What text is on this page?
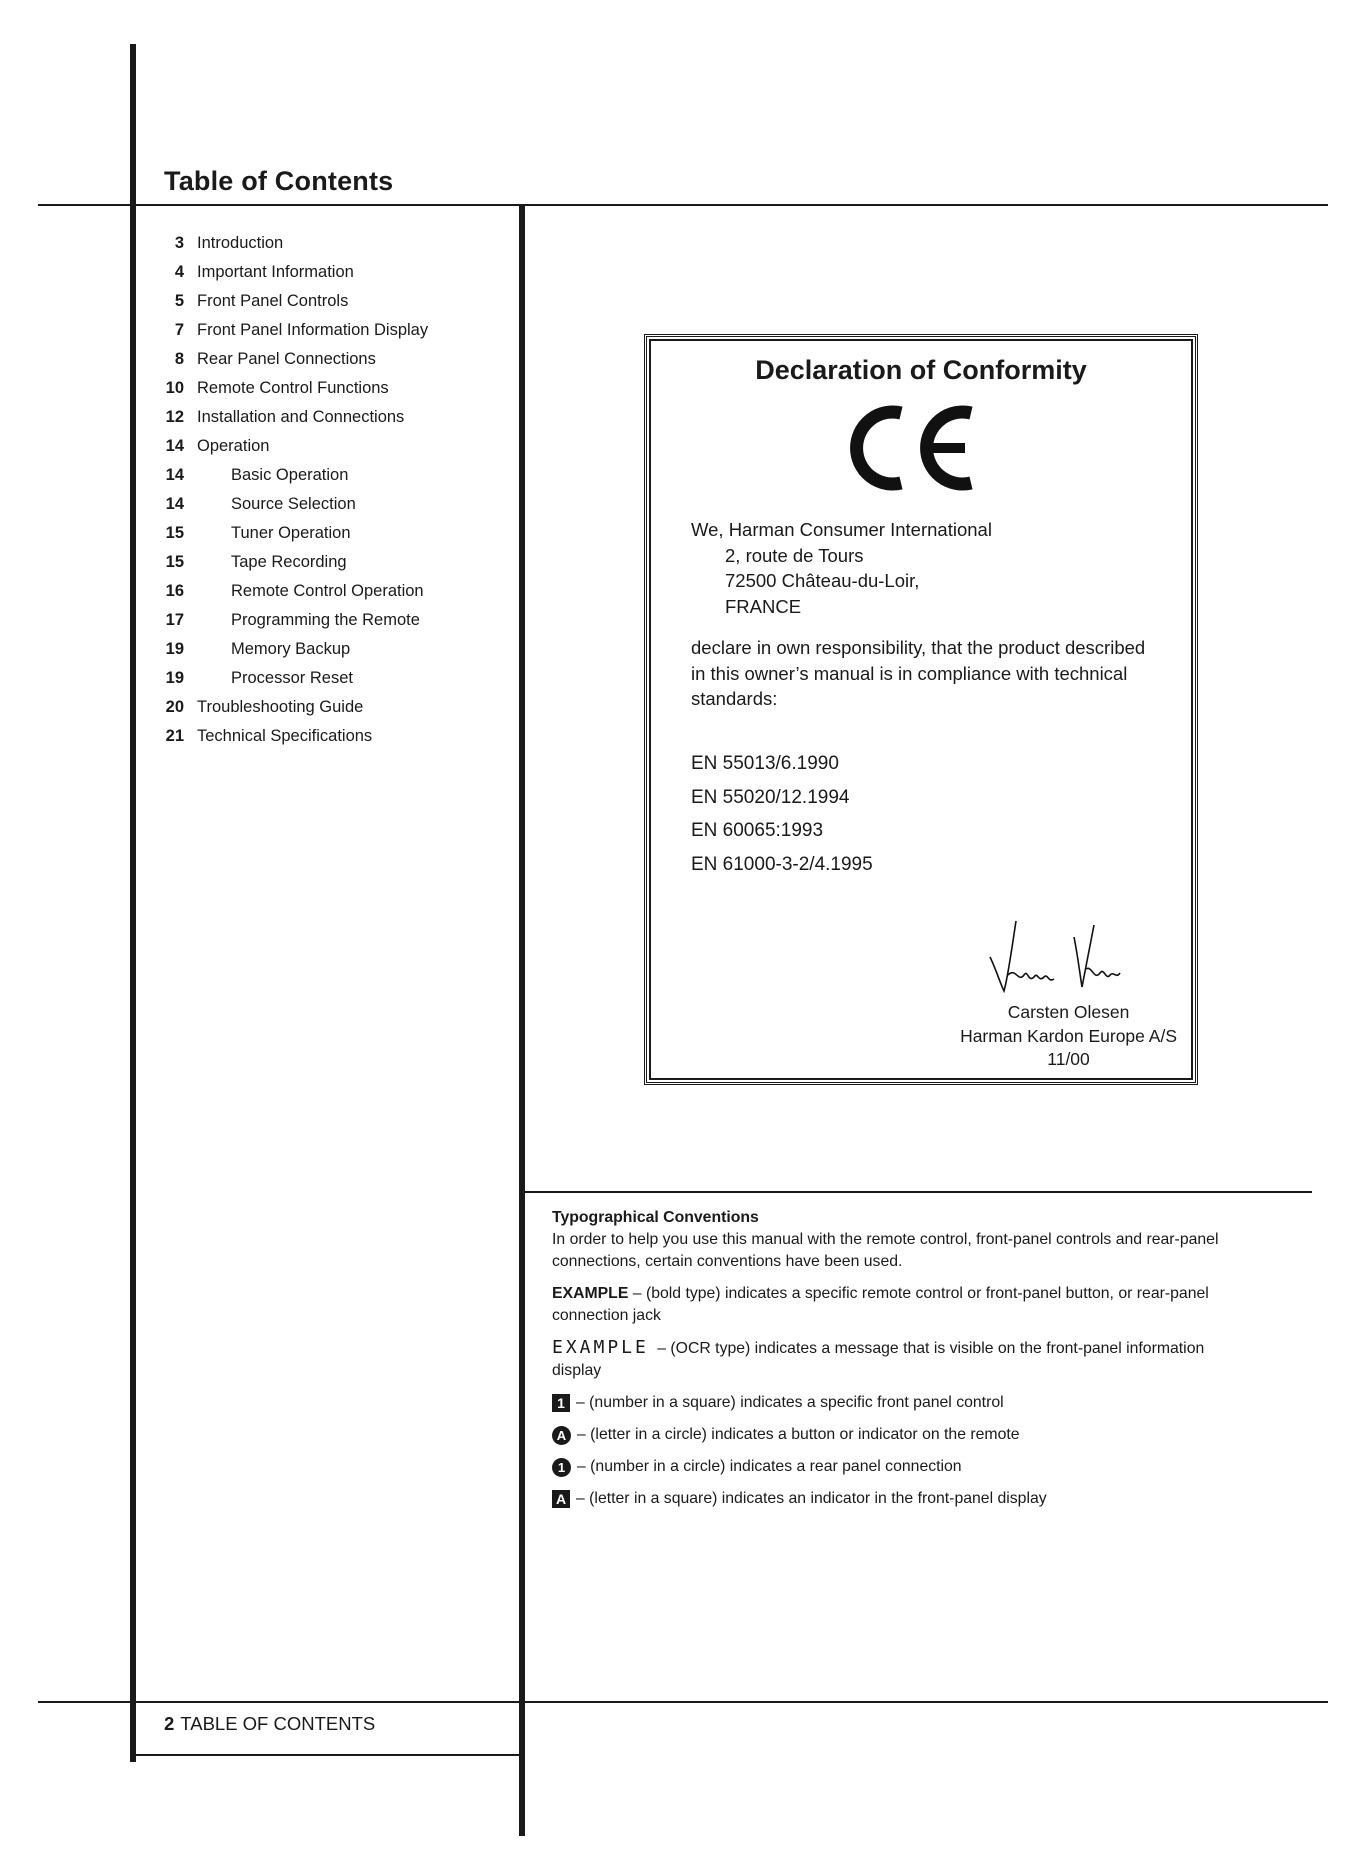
Table of Contents
3 Introduction
4 Important Information
5 Front Panel Controls
7 Front Panel Information Display
8 Rear Panel Connections
10 Remote Control Functions
12 Installation and Connections
14 Operation
14	Basic Operation
14	Source Selection
15	Tuner Operation
15	Tape Recording
16	Remote Control Operation
17	Programming the Remote
19	Memory Backup
19	Processor Reset
20 Troubleshooting Guide
21 Technical Specifications
Declaration of Conformity
We, Harman Consumer International
2, route de Tours
72500 Château-du-Loir,
FRANCE
declare in own responsibility, that the product described in this owner’s manual is in compliance with technical standards:
EN 55013/6.1990
EN 55020/12.1994
EN 60065:1993
EN 61000-3-2/4.1995
Carsten Olesen
Harman Kardon Europe A/S
11/00

Typographical Conventions

In order to help you use this manual with the remote control, front-panel controls and rear-panel connections, certain conventions have been used.

EXAMPLE – (bold type) indicates a specific remote control or front-panel button, or rear-panel connection jack

EXAMPLE – (OCR type) indicates a message that is visible on the front-panel information display

1 – (number in a square) indicates a specific front panel control
A – (letter in a circle) indicates a button or indicator on the remote
1 – (number in a circle) indicates a rear panel connection
A – (letter in a square) indicates an indicator in the front-panel display
2 TABLE OF CONTENTS
